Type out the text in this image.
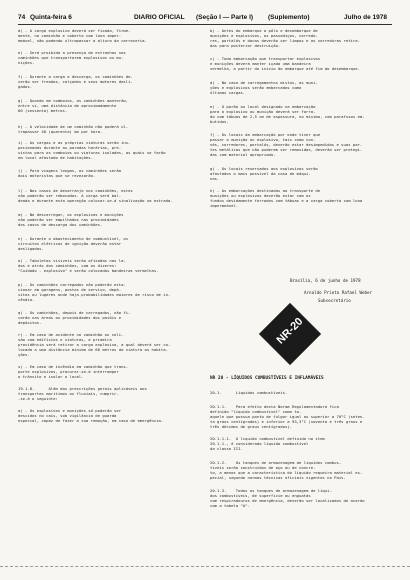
74 Quinta-feira 6	DIARIO OFICIAL (Seção I — Parte I) (Suplemento)	Julho de 1978
d) - A carga explosiva deverá ser fixada, firme-
mente, no caminhão e coberta com lona imper-
meável, não podendo ultrapassar a altura da carroceria.
e) - Será proibida a presença de estranhos nos
caminhões que transportarem explosivos ou mu-
nições.
f) - Durante a carga e descarga, os caminhões de-
verão ser freados, calçados e seus motores desli-
gados.
g) - Quando em comboios, os caminhões manterão,
entre si, uma distância de aproximadamente
60 (sessenta) metros.
h) - A velocidade de um caminhão não poderá ul-
trapassar 40 (quarenta) km por hora.
i) - As cargas e as próprias viaturas serão ins-
pecionadas durante as paradas horárias, pre-
vistas para os comboios ou viaturas isoladas, as quais se farão
em local afastado de habitações.
j) - Para viagens longas, os caminhões serão
dois motoristas que se revezarão.
l) - Nos casos de desarranjo nos caminhões, estes
não poderão ser rebocados. A carga será bal-
deada e durante esta operação colocar-se-á sinalização na estrada.
m) - No descarregar, os explosivos e munições
não poderão ser empilhados nas proximidades
dos casos de descarga dos caminhões.
n) - Durante o abastecimento de combustível, os
circuitos elétricos de ignição deverão estar
desligados.
o) - Tabuletas visíveis serão afixadas nos la-
dos e atrás dos caminhões, com os dizeres:
"Cuidado - explosivo" e serão colocadas bandeiras vermelhas.
p) - Os caminhões carregados não poderão esta-
cionar em garagens, postos de serviço, depó-
sitos ou lugares onde haja probabilidades maiores de risco de in-
cêndio.
q) - Os caminhões, depois de carregados, não fi-
carão nas áreas ou proximidades dos paióis e
depósitos.
r) - Em caso de acidente no caminhão ou coli-
são com edifícios e viaturas, a primeira
providência será retirar a carga explosiva, a qual deverá ser co-
locada a uma distância mínima de 60 metros da viatura ou habita-
ções.
s) - Em caso de incêndio em caminhão que trans-
porte explosivos, procurar-se-á interromper
o trânsito e isolar o local.
19.1.8.      Além das prescrições gerais aplicáveis aos
transportes marítimos ou fluviais, cumprir-
-se-á o seguinte:
a) - Os explosivos e munições só poderão ser
descidos no cais, sob vigilância de guarda
especial, capaz de fazer a sua remoção, em caso de emergência.
b) - Antes do embarque a pólo e desembarque de
munições e explosivos, os passadiços, corredo-
res, portalós e docas deverão ser limpos e as varreduras retira-
das para posterior destruição.
c) - Todo embarcação que transportar explosivos
e munições deverá manter içada uma bandeira
vermelha, a partir do início do embarque até fim do desembarque.
d) - No caso de carregamentos mistos, as muni-
ções e explosivos serão embarcados como
últimas cargas.
e) - O porão ou local designado na embarcação
para o explosivo ou munição deverá ser forra-
do com tábuas de 2,5 cm de espessura, no mínimo, com parafusos em-
butidos.
f) - Os locais da embarcação por onde tiver que
passar a munição ou explosivo, tais como con-
vés, corredores, portalós, deverão estar desimpedidos e suas par-
tes metálicas que não puderem ser removidas, deverão ser protegi-
das com material apropriado.
g) - Os locais reservados aos explosivos serão
afastados o mais possível da casa de máqui-
nas.
h) - As embarcações destinadas ao transporte de
munições ou explosivos deverão estar com os
fundos devidamente forrados com tábuas e a carga coberta com lona
impermeável.
Brasília, 6 de junho de 1978
Arnaldo Prieto Rafael Weber
Subsecretário
NR-20
NR 20 - LÍQUIDOS COMBUSTÍVEIS E INFLAMÁVEIS
20.1.      Líquidos combustíveis.
20.1.1.    Para efeito desta Norma Regulamentadora fica
definido "líquido combustível" como to-
aquele que possua ponto de fulgor igual ou superior a 70°C (seten-
ta graus centígrados) e inferior a 93,3°C (noventa e três graus e
três décimos de graus centígrados).
20.1.1.1.  O líquido combustível definido no item
20.1.1., é considerado líquido combustível
da classe III.
20.1.2.    Os tanques de armazenagem de líquidos combus-
tíveis serão construídos de aço ou de concre-
to, a menos que a característica do líquido requeira material es-
pecial, segundo normas técnicas oficiais vigentes no País.
20.1.3.    Todos os tanques de armazenagem de líqui-
dos combustíveis, de superfície ou enguatás
com respiradouros de emergência, deverão ser localizados de acordo
com a tabela "A".
